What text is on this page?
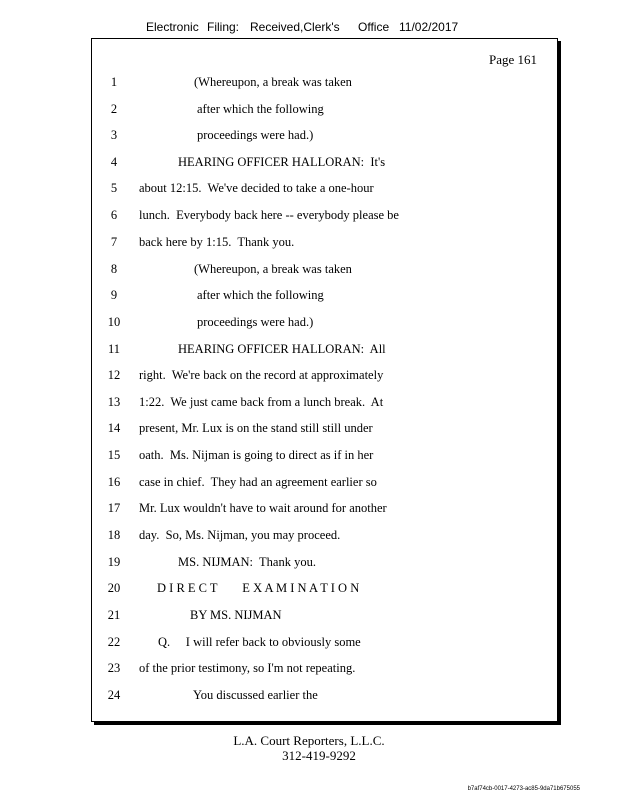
Electronic Filing: Received,Clerk's Office 11/02/2017
Page 161
1	(Whereupon, a break was taken
2	after which the following
3	proceedings were had.)
4	HEARING OFFICER HALLORAN:  It's
5	about 12:15.  We've decided to take a one-hour
6	lunch.  Everybody back here -- everybody please be
7	back here by 1:15.  Thank you.
8	(Whereupon, a break was taken
9	after which the following
10	proceedings were had.)
11	HEARING OFFICER HALLORAN:  All
12	right.  We're back on the record at approximately
13	1:22.  We just came back from a lunch break.  At
14	present, Mr. Lux is on the stand still still under
15	oath.  Ms. Nijman is going to direct as if in her
16	case in chief.  They had an agreement earlier so
17	Mr. Lux wouldn't have to wait around for another
18	day.  So, Ms. Nijman, you may proceed.
19	MS. NIJMAN:  Thank you.
20	D I R E C T        E X A M I N A T I O N
21	BY MS. NIJMAN
22	Q.     I will refer back to obviously some
23	of the prior testimony, so I'm not repeating.
24	You discussed earlier the
L.A. Court Reporters, L.L.C.
312-419-9292
b7af74cb-0017-4273-ac85-9da71b675055
